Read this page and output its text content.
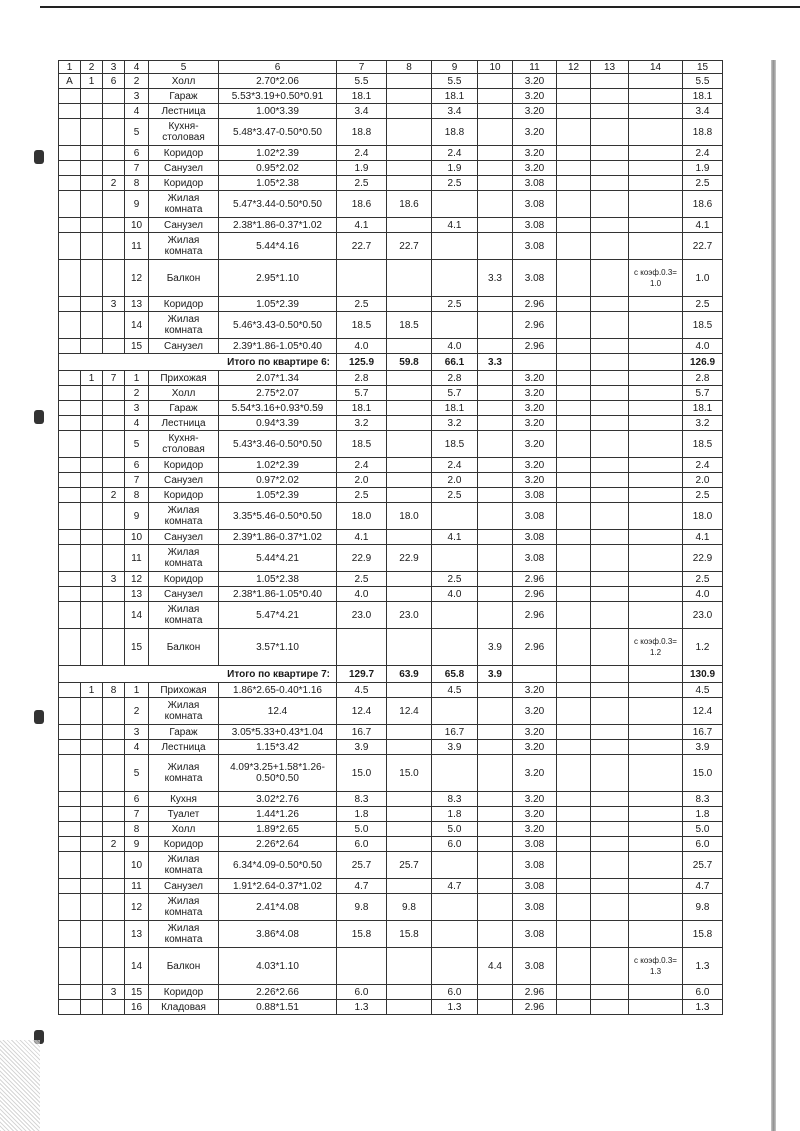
1	2	3	4	5	6	7	8	9	10	11	12	13	14	15
А	1	6	2	Холл	2.70*2.06	5.5		5.5		3.20				5.5
			3	Гараж	5.53*3.19+0.50*0.91	18.1		18.1		3.20				18.1
			4	Лестница	1.00*3.39	3.4		3.4		3.20				3.4
			5	Кухня-столовая	5.48*3.47-0.50*0.50	18.8		18.8		3.20				18.8
			6	Коридор	1.02*2.39	2.4		2.4		3.20				2.4
			7	Санузел	0.95*2.02	1.9		1.9		3.20				1.9
		2	8	Коридор	1.05*2.38	2.5		2.5		3.08				2.5
			9	Жилая комната	5.47*3.44-0.50*0.50	18.6	18.6			3.08				18.6
			10	Санузел	2.38*1.86-0.37*1.02	4.1		4.1		3.08				4.1
			11	Жилая комната	5.44*4.16	22.7	22.7			3.08				22.7
			12	Балкон	2.95*1.10				3.3	3.08			с коэф.0.3= 1.0	1.0
		3	13	Коридор	1.05*2.39	2.5		2.5		2.96				2.5
			14	Жилая комната	5.46*3.43-0.50*0.50	18.5	18.5			2.96				18.5
			15	Санузел	2.39*1.86-1.05*0.40	4.0		4.0		2.96				4.0
Итого по квартире 6:						125.9	59.8	66.1	3.3					126.9
	1	7	1	Прихожая	2.07*1.34	2.8		2.8		3.20				2.8
			2	Холл	2.75*2.07	5.7		5.7		3.20				5.7
			3	Гараж	5.54*3.16+0.93*0.59	18.1		18.1		3.20				18.1
			4	Лестница	0.94*3.39	3.2		3.2		3.20				3.2
			5	Кухня-столовая	5.43*3.46-0.50*0.50	18.5		18.5		3.20				18.5
			6	Коридор	1.02*2.39	2.4		2.4		3.20				2.4
			7	Санузел	0.97*2.02	2.0		2.0		3.20				2.0
		2	8	Коридор	1.05*2.39	2.5		2.5		3.08				2.5
			9	Жилая комната	3.35*5.46-0.50*0.50	18.0	18.0			3.08				18.0
			10	Санузел	2.39*1.86-0.37*1.02	4.1		4.1		3.08				4.1
			11	Жилая комната	5.44*4.21	22.9	22.9			3.08				22.9
		3	12	Коридор	1.05*2.38	2.5		2.5		2.96				2.5
			13	Санузел	2.38*1.86-1.05*0.40	4.0		4.0		2.96				4.0
			14	Жилая комната	5.47*4.21	23.0	23.0			2.96				23.0
			15	Балкон	3.57*1.10				3.9	2.96			с коэф.0.3= 1.2	1.2
Итого по квартире 7:						129.7	63.9	65.8	3.9					130.9
	1	8	1	Прихожая	1.86*2.65-0.40*1.16	4.5		4.5		3.20				4.5
			2	Жилая комната	12.4	12.4	12.4			3.20				12.4
			3	Гараж	3.05*5.33+0.43*1.04	16.7		16.7		3.20				16.7
			4	Лестница	1.15*3.42	3.9		3.9		3.20				3.9
			5	Жилая комната	4.09*3.25+1.58*1.26-0.50*0.50	15.0	15.0			3.20				15.0
			6	Кухня	3.02*2.76	8.3		8.3		3.20				8.3
			7	Туалет	1.44*1.26	1.8		1.8		3.20				1.8
			8	Холл	1.89*2.65	5.0		5.0		3.20				5.0
		2	9	Коридор	2.26*2.64	6.0		6.0		3.08				6.0
			10	Жилая комната	6.34*4.09-0.50*0.50	25.7	25.7			3.08				25.7
			11	Санузел	1.91*2.64-0.37*1.02	4.7		4.7		3.08				4.7
			12	Жилая комната	2.41*4.08	9.8	9.8			3.08				9.8
			13	Жилая комната	3.86*4.08	15.8	15.8			3.08				15.8
			14	Балкон	4.03*1.10				4.4	3.08			с коэф.0.3= 1.3	1.3
		3	15	Коридор	2.26*2.66	6.0		6.0		2.96				6.0
			16	Кладовая	0.88*1.51	1.3		1.3		2.96				1.3
